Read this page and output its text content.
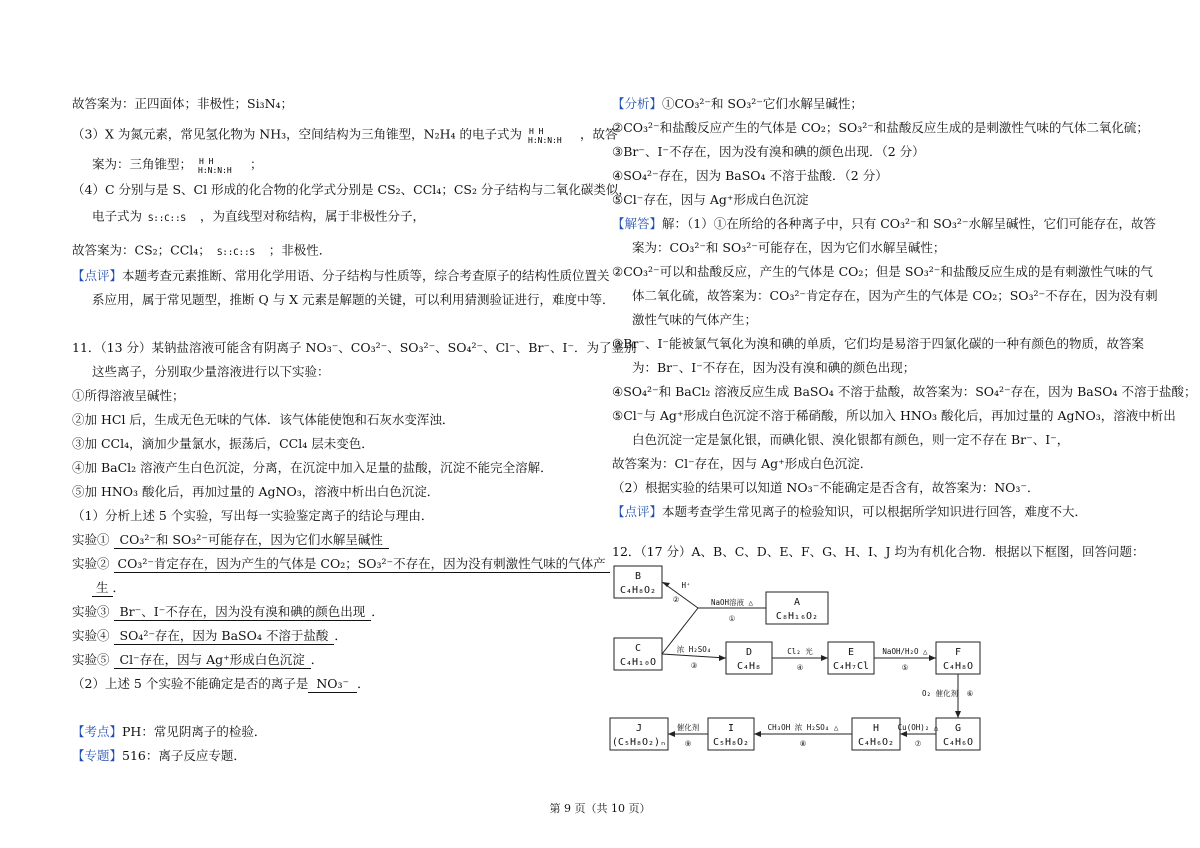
故答案为：正四面体；非极性；Si₃N₄；
（3）X 为氮元素，常见氢化物为 NH₃，空间结构为三角锥型，N₂H₄ 的电子式为 H H
H:N:N:H ，故答
案为：三角锥型； H H
H:N:N:H ；
（4）C 分别与是 S、Cl 形成的化合物的化学式分别是 CS₂、CCl₄；CS₂ 分子结构与二氧化碳类似，
电子式为 S::C::S ，为直线型对称结构，属于非极性分子，
故答案为：CS₂；CCl₄； S::C::S ；非极性．
【点评】本题考查元素推断、常用化学用语、分子结构与性质等，综合考查原子的结构性质位置关
系应用，属于常见题型，推断 Q 与 X 元素是解题的关键，可以利用猜测验证进行，难度中等．
11．（13 分）某钠盐溶液可能含有阴离子 NO₃⁻、CO₃²⁻、SO₃²⁻、SO₄²⁻、Cl⁻、Br⁻、I⁻．为了鉴别
这些离子，分别取少量溶液进行以下实验：
①所得溶液呈碱性；
②加 HCl 后，生成无色无味的气体．该气体能使饱和石灰水变浑浊．
③加 CCl₄，滴加少量氯水，振荡后，CCl₄ 层未变色．
④加 BaCl₂ 溶液产生白色沉淀，分离，在沉淀中加入足量的盐酸，沉淀不能完全溶解．
⑤加 HNO₃ 酸化后，再加过量的 AgNO₃，溶液中析出白色沉淀．
（1）分析上述 5 个实验，写出每一实验鉴定离子的结论与理由．
实验① CO₃²⁻和 SO₃²⁻可能存在，因为它们水解呈碱性
实验② CO₃²⁻肯定存在，因为产生的气体是 CO₂；SO₃²⁻不存在，因为没有刺激性气味的气体产
生 ．
实验③ Br⁻、I⁻不存在，因为没有溴和碘的颜色出现 ．
实验④ SO₄²⁻存在，因为 BaSO₄ 不溶于盐酸 ．
实验⑤ Cl⁻存在，因与 Ag⁺形成白色沉淀 ．
（2）上述 5 个实验不能确定是否的离子是 NO₃⁻ ．
【考点】PH：常见阴离子的检验．
【专题】516：离子反应专题．
【分析】①CO₃²⁻和 SO₃²⁻它们水解呈碱性；
②CO₃²⁻和盐酸反应产生的气体是 CO₂；SO₃²⁻和盐酸反应生成的是刺激性气味的气体二氧化硫；
③Br⁻、I⁻不存在，因为没有溴和碘的颜色出现．（2 分）
④SO₄²⁻存在，因为 BaSO₄ 不溶于盐酸．（2 分）
⑤Cl⁻存在，因与 Ag⁺形成白色沉淀
【解答】解：（1）①在所给的各种离子中，只有 CO₃²⁻和 SO₃²⁻水解呈碱性，它们可能存在，故答
案为：CO₃²⁻和 SO₃²⁻可能存在，因为它们水解呈碱性；
②CO₃²⁻可以和盐酸反应，产生的气体是 CO₂；但是 SO₃²⁻和盐酸反应生成的是有刺激性气味的气
体二氧化硫，故答案为：CO₃²⁻肯定存在，因为产生的气体是 CO₂；SO₃²⁻不存在，因为没有刺
激性气味的气体产生；
③Br⁻、I⁻能被氯气氧化为溴和碘的单质，它们均是易溶于四氯化碳的一种有颜色的物质，故答案
为：Br⁻、I⁻不存在，因为没有溴和碘的颜色出现；
④SO₄²⁻和 BaCl₂ 溶液反应生成 BaSO₄ 不溶于盐酸，故答案为：SO₄²⁻存在，因为 BaSO₄ 不溶于盐酸；
⑤Cl⁻与 Ag⁺形成白色沉淀不溶于稀硝酸，所以加入 HNO₃ 酸化后，再加过量的 AgNO₃，溶液中析出
白色沉淀一定是氯化银，而碘化银、溴化银都有颜色，则一定不存在 Br⁻、I⁻，
故答案为：Cl⁻存在，因与 Ag⁺形成白色沉淀．
（2）根据实验的结果可以知道 NO₃⁻不能确定是否含有，故答案为：NO₃⁻．
【点评】本题考查学生常见离子的检验知识，可以根据所学知识进行回答，难度不大．
12．（17 分）A、B、C、D、E、F、G、H、I、J 均为有机化合物．根据以下框图，回答问题：
B
C₄H₈O₂
A
C₈H₁₆O₂
C
C₄H₁₀O
D
C₄H₈
E
C₄H₇Cl
F
C₄H₈O
G
C₄H₆O
H
C₄H₆O₂
I
C₅H₈O₂
J
(C₅H₈O₂)ₙ
NaOH溶液 △
①
H⁺
②
浓 H₂SO₄
③
Cl₂ 光
④
NaOH/H₂O △
⑤
O₂ 催化剂 ⑥
Cu(OH)₂ △
⑦
CH₃OH 浓 H₂SO₄ △
⑧
催化剂
⑨
第 9 页（共 10 页）
